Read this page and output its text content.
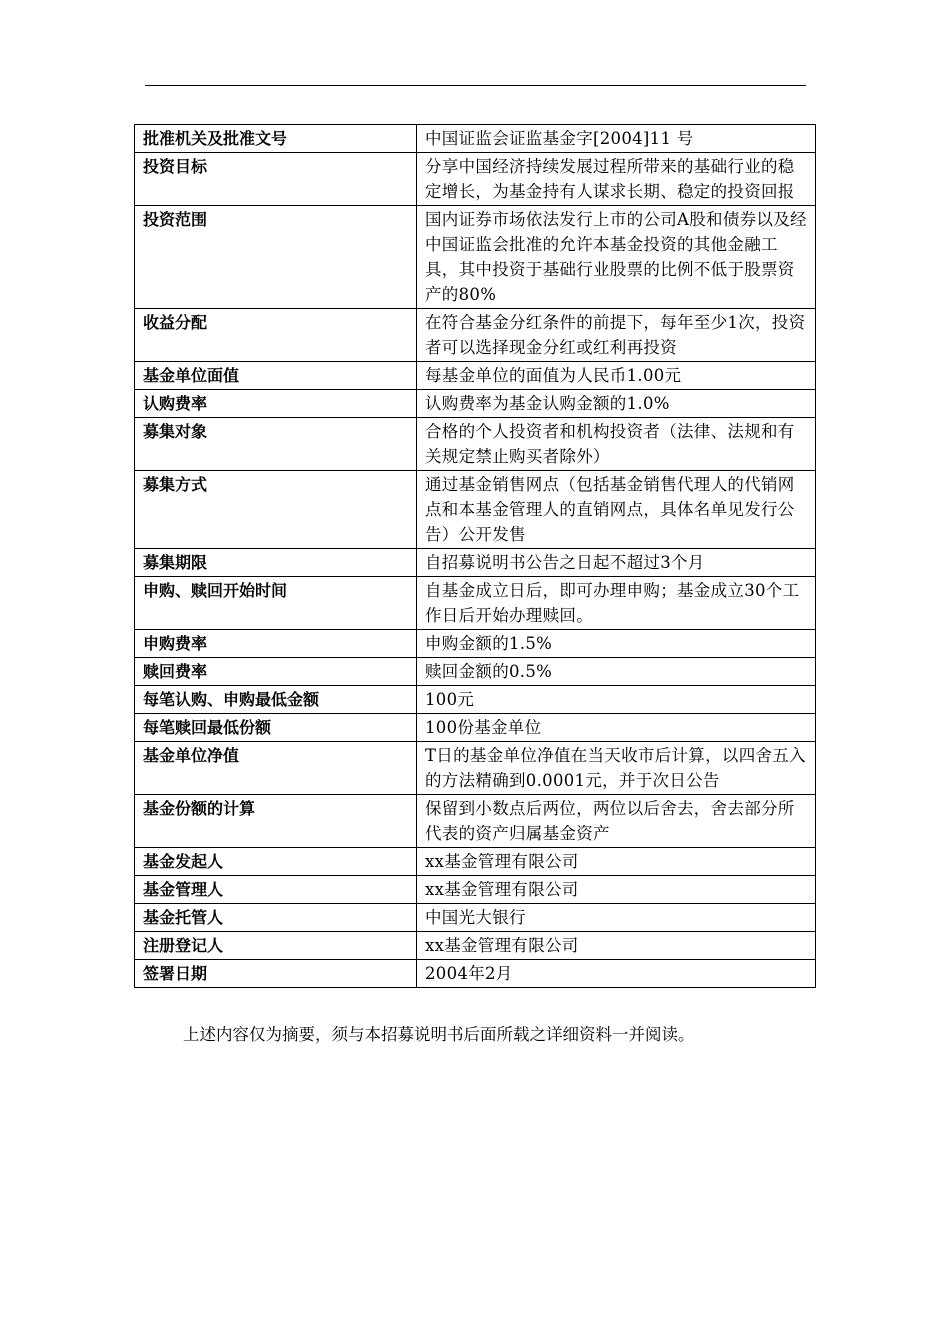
批准机关及批准文号	中国证监会证监基金字[2004]11 号
投资目标	分享中国经济持续发展过程所带来的基础行业的稳定增长，为基金持有人谋求长期、稳定的投资回报
投资范围	国内证券市场依法发行上市的公司A股和债券以及经中国证监会批准的允许本基金投资的其他金融工具，其中投资于基础行业股票的比例不低于股票资产的80%
收益分配	在符合基金分红条件的前提下，每年至少1次，投资者可以选择现金分红或红利再投资
基金单位面值	每基金单位的面值为人民币1.00元
认购费率	认购费率为基金认购金额的1.0%
募集对象	合格的个人投资者和机构投资者（法律、法规和有关规定禁止购买者除外）
募集方式	通过基金销售网点（包括基金销售代理人的代销网点和本基金管理人的直销网点，具体名单见发行公告）公开发售
募集期限	自招募说明书公告之日起不超过3个月
申购、赎回开始时间	自基金成立日后，即可办理申购；基金成立30个工作日后开始办理赎回。
申购费率	申购金额的1.5%
赎回费率	赎回金额的0.5%
每笔认购、申购最低金额	100元
每笔赎回最低份额	100份基金单位
基金单位净值	T日的基金单位净值在当天收市后计算，以四舍五入的方法精确到0.0001元，并于次日公告
基金份额的计算	保留到小数点后两位，两位以后舍去，舍去部分所代表的资产归属基金资产
基金发起人	xx基金管理有限公司
基金管理人	xx基金管理有限公司
基金托管人	中国光大银行
注册登记人	xx基金管理有限公司
签署日期	2004年2月
上述内容仅为摘要，须与本招募说明书后面所载之详细资料一并阅读。
